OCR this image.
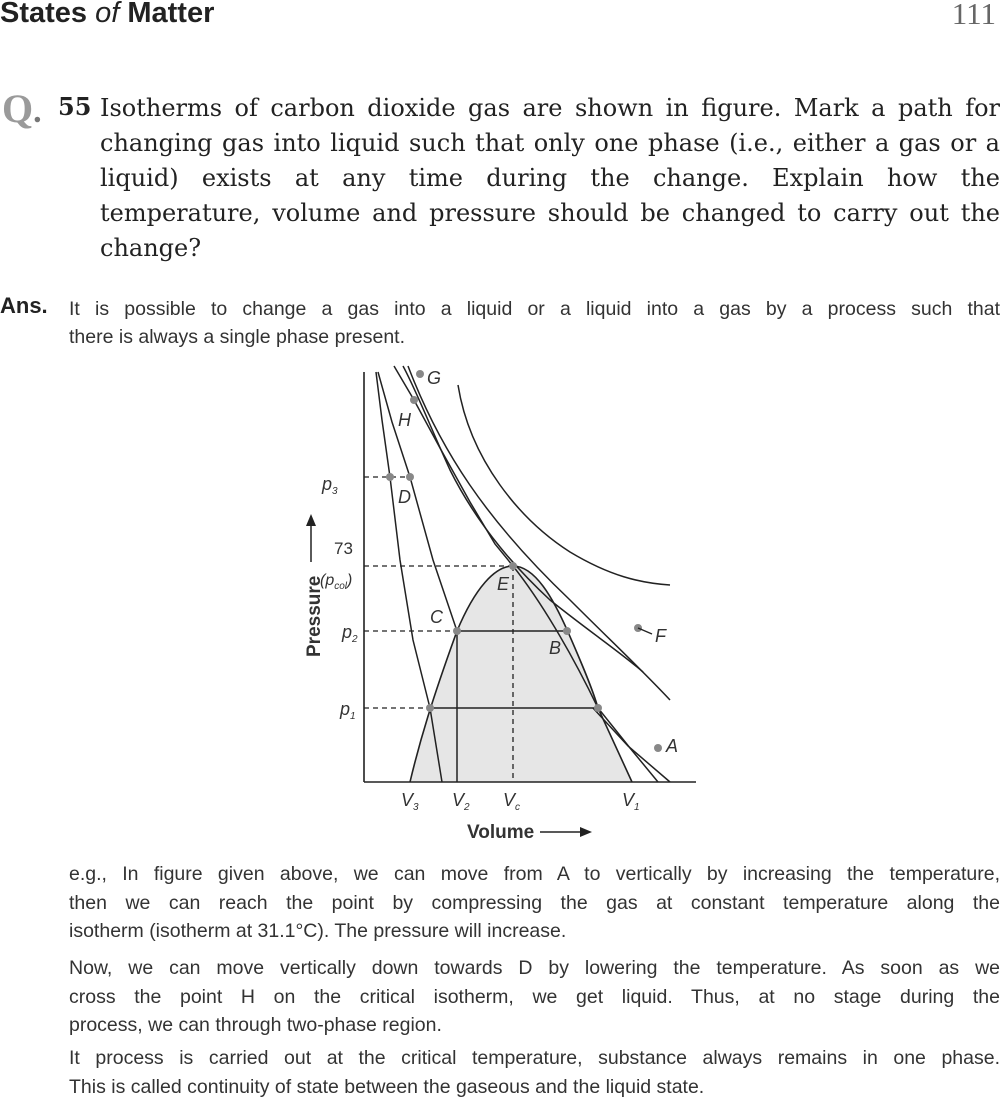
States of Matter	111
Q. 55 Isotherms of carbon dioxide gas are shown in figure. Mark a path for
changing gas into liquid such that only one phase (i.e., either a gas or a
liquid) exists at any time during the change. Explain how the
temperature, volume and pressure should be changed to carry out the
change?
Ans. It is possible to change a gas into a liquid or a liquid into a gas by a process such that
there is always a single phase present.
A
B
C
D
E
F
G
H
$p_3$
73
$(p_{col})$
$p_2$
$p_1$
$V_3$ $V_2$ $V_c$	$V_1$
Pressure
Volume
e.g., In figure given above, we can move from A to vertically by increasing the temperature,
then we can reach the point by compressing the gas at constant temperature along the
isotherm (isotherm at 31.1°C). The pressure will increase.
Now, we can move vertically down towards D by lowering the temperature. As soon as we
cross the point H on the critical isotherm, we get liquid. Thus, at no stage during the
process, we can through two-phase region.
It process is carried out at the critical temperature, substance always remains in one phase.
This is called continuity of state between the gaseous and the liquid state.
